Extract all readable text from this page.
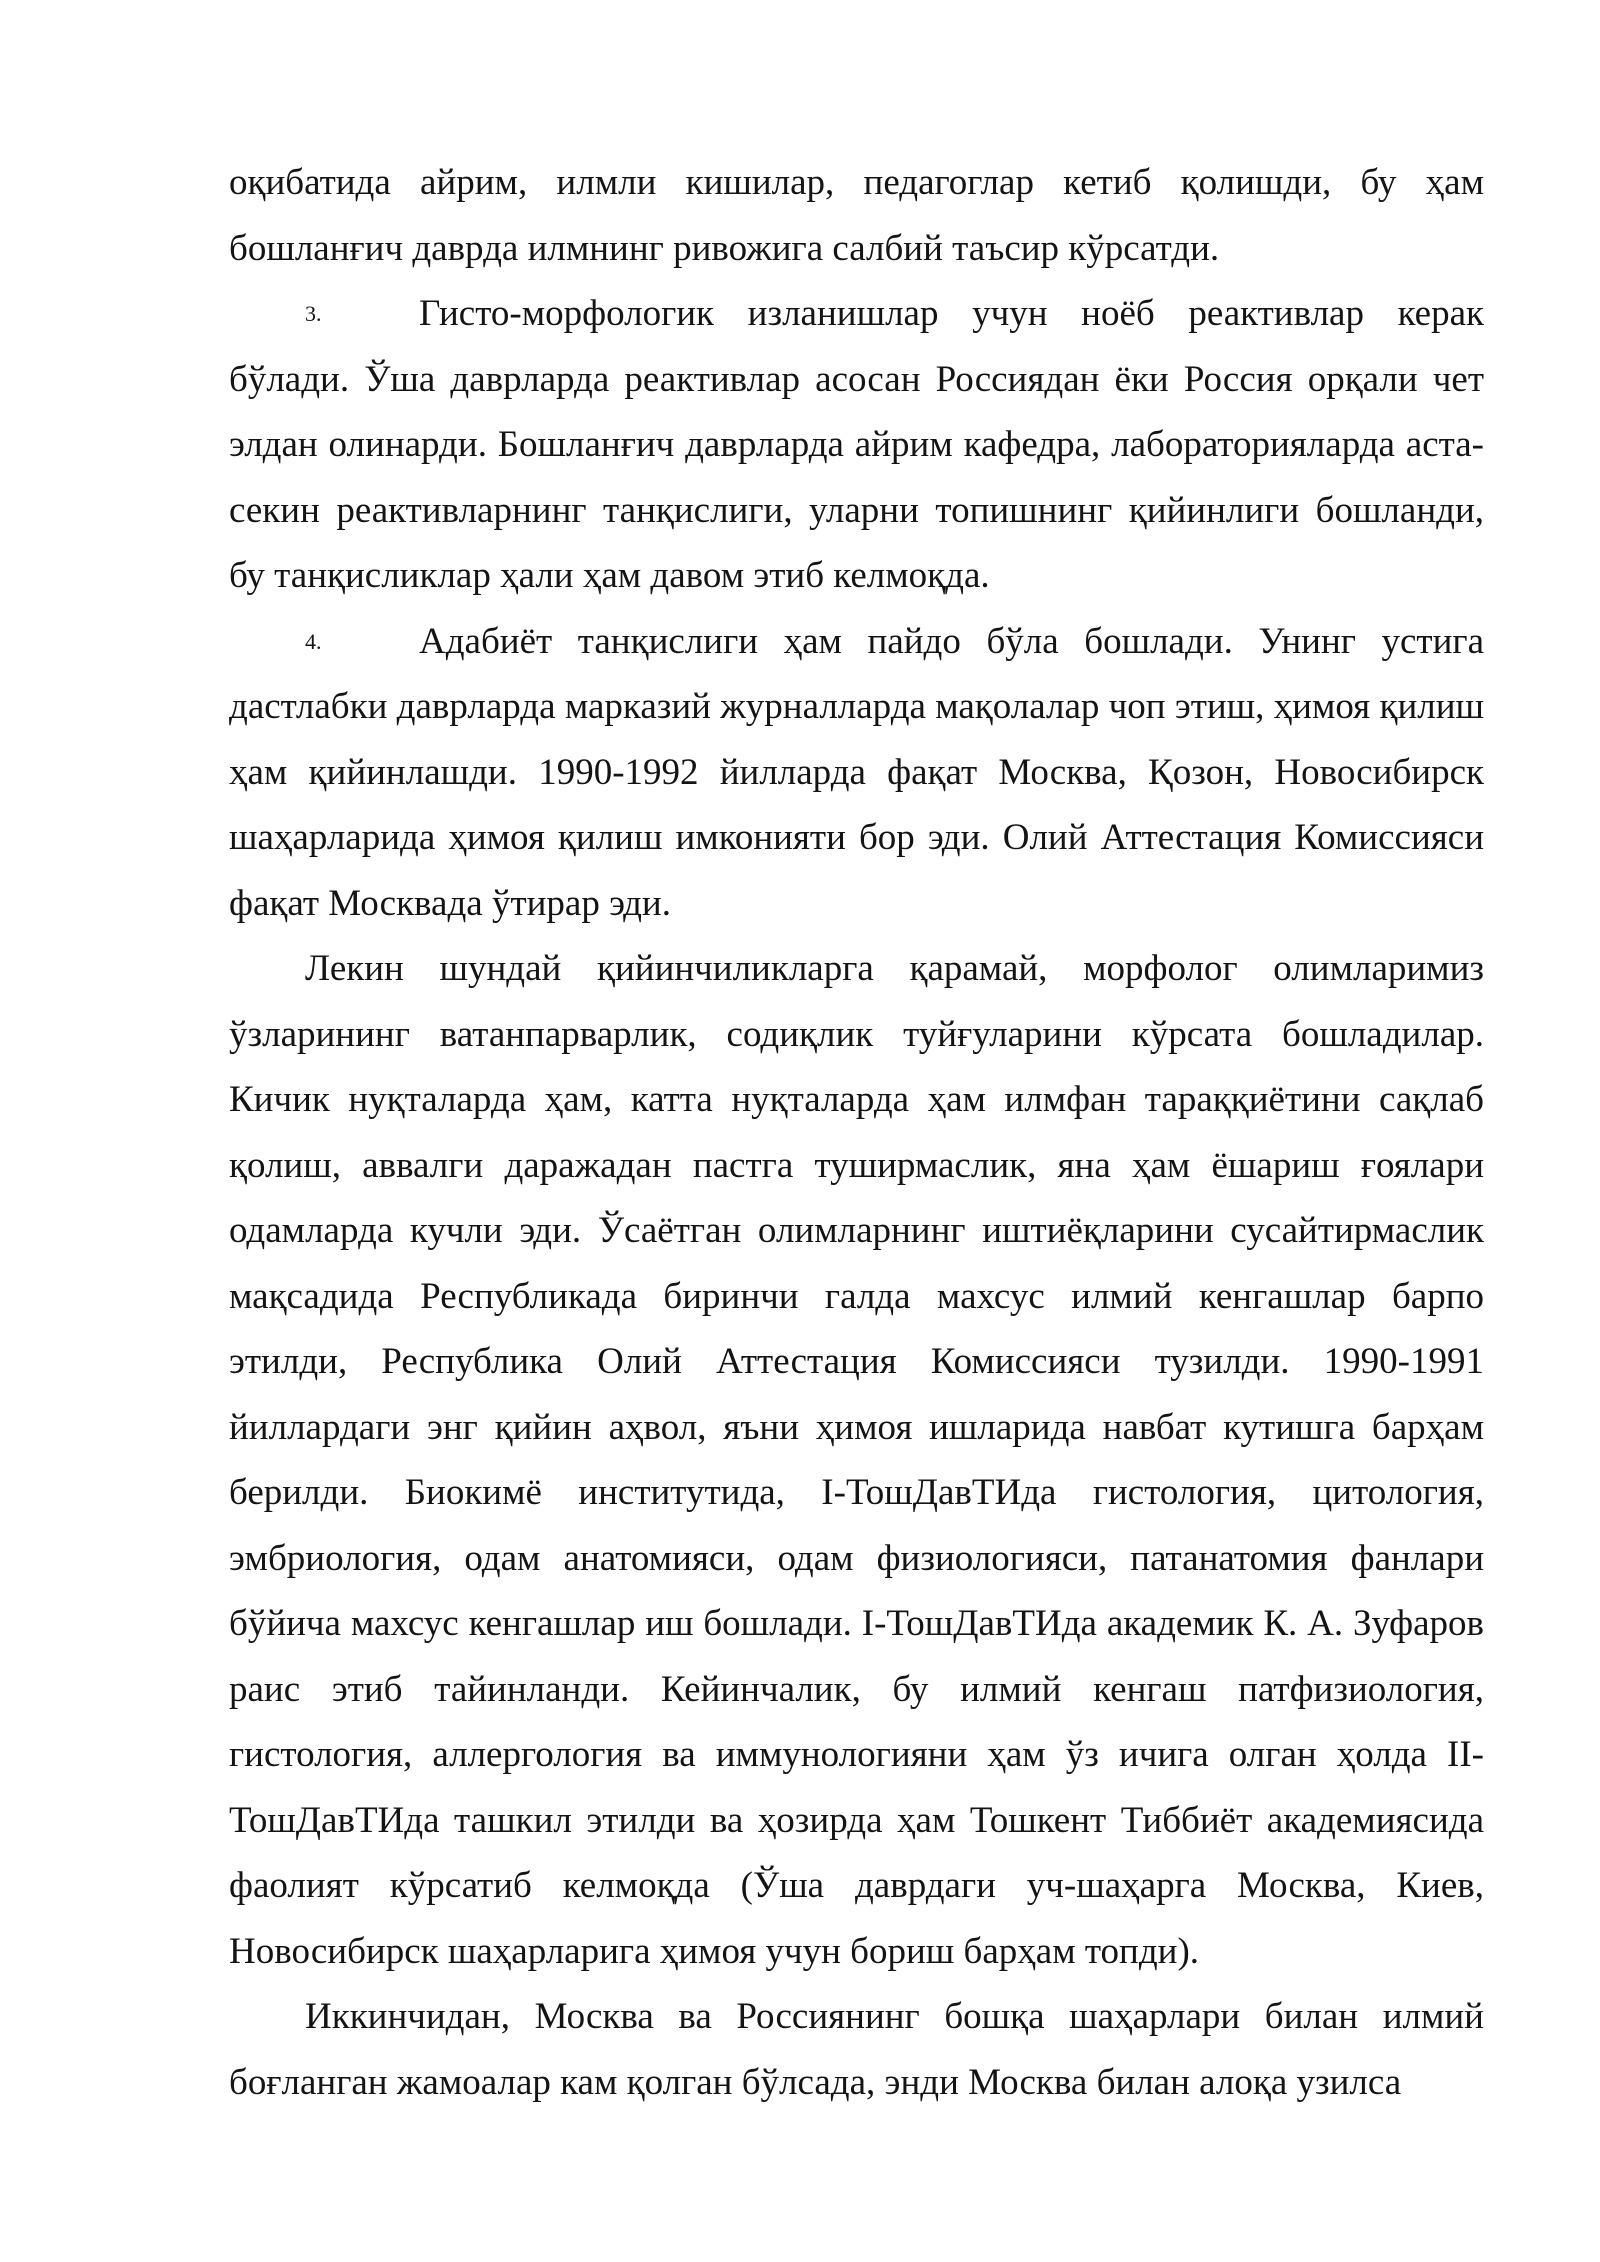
оқибатида айрим, илмли кишилар, педагоглар кетиб қолишди, бу ҳам бошланғич даврда илмнинг ривожига салбий таъсир кўрсатди.

3.	Гисто-морфологик изланишлар учун ноёб реактивлар керак бўлади. Ўша даврларда реактивлар асосан Россиядан ёки Россия орқали чет элдан олинарди. Бошланғич даврларда айрим кафедра, лабораторияларда аста-секин реактивларнинг танқислиги, уларни топишнинг қийинлиги бошланди, бу танқисликлар ҳали ҳам давом этиб келмоқда.

4.	Адабиёт танқислиги ҳам пайдо бўла бошлади. Унинг устига дастлабки даврларда марказий журналларда мақолалар чоп этиш, ҳимоя қилиш ҳам қийинлашди. 1990-1992 йилларда фақат Москва, Қозон, Новосибирск шаҳарларида ҳимоя қилиш имконияти бор эди. Олий Аттестация Комиссияси фақат Москвада ўтирар эди.

Лекин шундай қийинчиликларга қарамай, морфолог олимларимиз ўзларининг ватанпарварлик, содиқлик туйғуларини кўрсата бошладилар. Кичик нуқталарда ҳам, катта нуқталарда ҳам илмфан тараққиётини сақлаб қолиш, аввалги даражадан пастга туширмаслик, яна ҳам ёшариш ғоялари одамларда кучли эди. Ўсаётган олимларнинг иштиёқларини сусайтирмаслик мақсадида Республикада биринчи галда махсус илмий кенгашлар барпо этилди, Республика Олий Аттестация Комиссияси тузилди. 1990-1991 йиллардаги энг қийин аҳвол, яъни ҳимоя ишларида навбат кутишга барҳам берилди. Биокимё институтида, I-ТошДавТИда гистология, цитология, эмбриология, одам анатомияси, одам физиологияси, патанатомия фанлари бўйича махсус кенгашлар иш бошлади. I-ТошДавТИда академик К. А. Зуфаров раис этиб тайинланди. Кейинчалик, бу илмий кенгаш патфизиология, гистология, аллергология ва иммунологияни ҳам ўз ичига олган ҳолда II-ТошДавТИда ташкил этилди ва ҳозирда ҳам Тошкент Тиббиёт академиясида фаолият кўрсатиб келмоқда (Ўша даврдаги уч-шаҳарга Москва, Киев, Новосибирск шаҳарларига ҳимоя учун бориш барҳам топди).

Иккинчидан, Москва ва Россиянинг бошқа шаҳарлари билан илмий боғланган жамоалар кам қолган бўлсада, энди Москва билан алоқа узилса
